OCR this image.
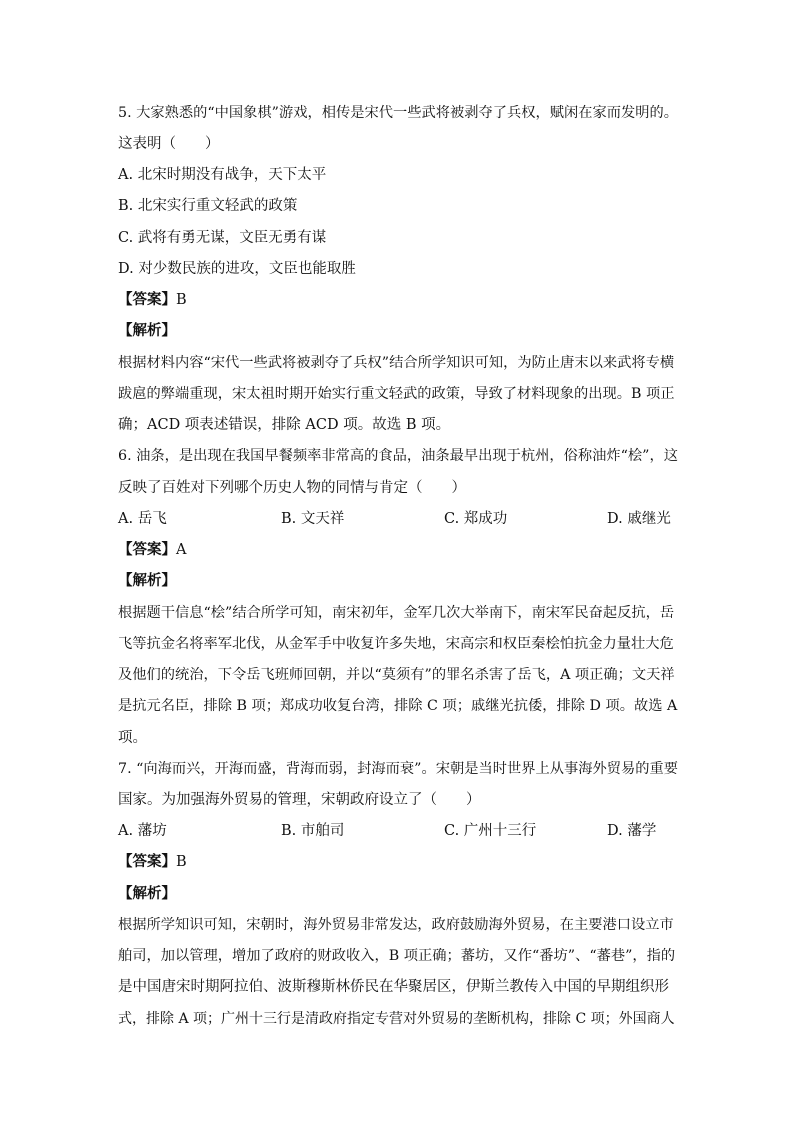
5. 大家熟悉的“中国象棋”游戏，相传是宋代一些武将被剥夺了兵权，赋闲在家而发明的。
这表明（　　）
A. 北宋时期没有战争，天下太平
B. 北宋实行重文轻武的政策
C. 武将有勇无谋，文臣无勇有谋
D. 对少数民族的进攻，文臣也能取胜
【答案】B
【解析】
根据材料内容“宋代一些武将被剥夺了兵权”结合所学知识可知，为防止唐末以来武将专横
跋扈的弊端重现，宋太祖时期开始实行重文轻武的政策，导致了材料现象的出现。B 项正
确；ACD 项表述错误，排除 ACD 项。故选 B 项。
6. 油条，是出现在我国早餐频率非常高的食品，油条最早出现于杭州，俗称油炸“桧”，这
反映了百姓对下列哪个历史人物的同情与肯定（　　）
A. 岳飞	B. 文天祥	C. 郑成功	D. 戚继光
【答案】A
【解析】
根据题干信息“桧”结合所学可知，南宋初年，金军几次大举南下，南宋军民奋起反抗，岳
飞等抗金名将率军北伐，从金军手中收复许多失地，宋高宗和权臣秦桧怕抗金力量壮大危
及他们的统治，下令岳飞班师回朝，并以“莫须有”的罪名杀害了岳飞，A 项正确；文天祥
是抗元名臣，排除 B 项；郑成功收复台湾，排除 C 项；戚继光抗倭，排除 D 项。故选 A
项。
7. “向海而兴，开海而盛，背海而弱，封海而衰”。宋朝是当时世界上从事海外贸易的重要
国家。为加强海外贸易的管理，宋朝政府设立了（　　）
A. 藩坊	B. 市舶司	C. 广州十三行	D. 藩学
【答案】B
【解析】
根据所学知识可知，宋朝时，海外贸易非常发达，政府鼓励海外贸易，在主要港口设立市
舶司，加以管理，增加了政府的财政收入，B 项正确；蕃坊，又作“番坊”、“蕃巷”，指的
是中国唐宋时期阿拉伯、波斯穆斯林侨民在华聚居区，伊斯兰教传入中国的早期组织形
式，排除 A 项；广州十三行是清政府指定专营对外贸易的垄断机构，排除 C 项；外国商人
